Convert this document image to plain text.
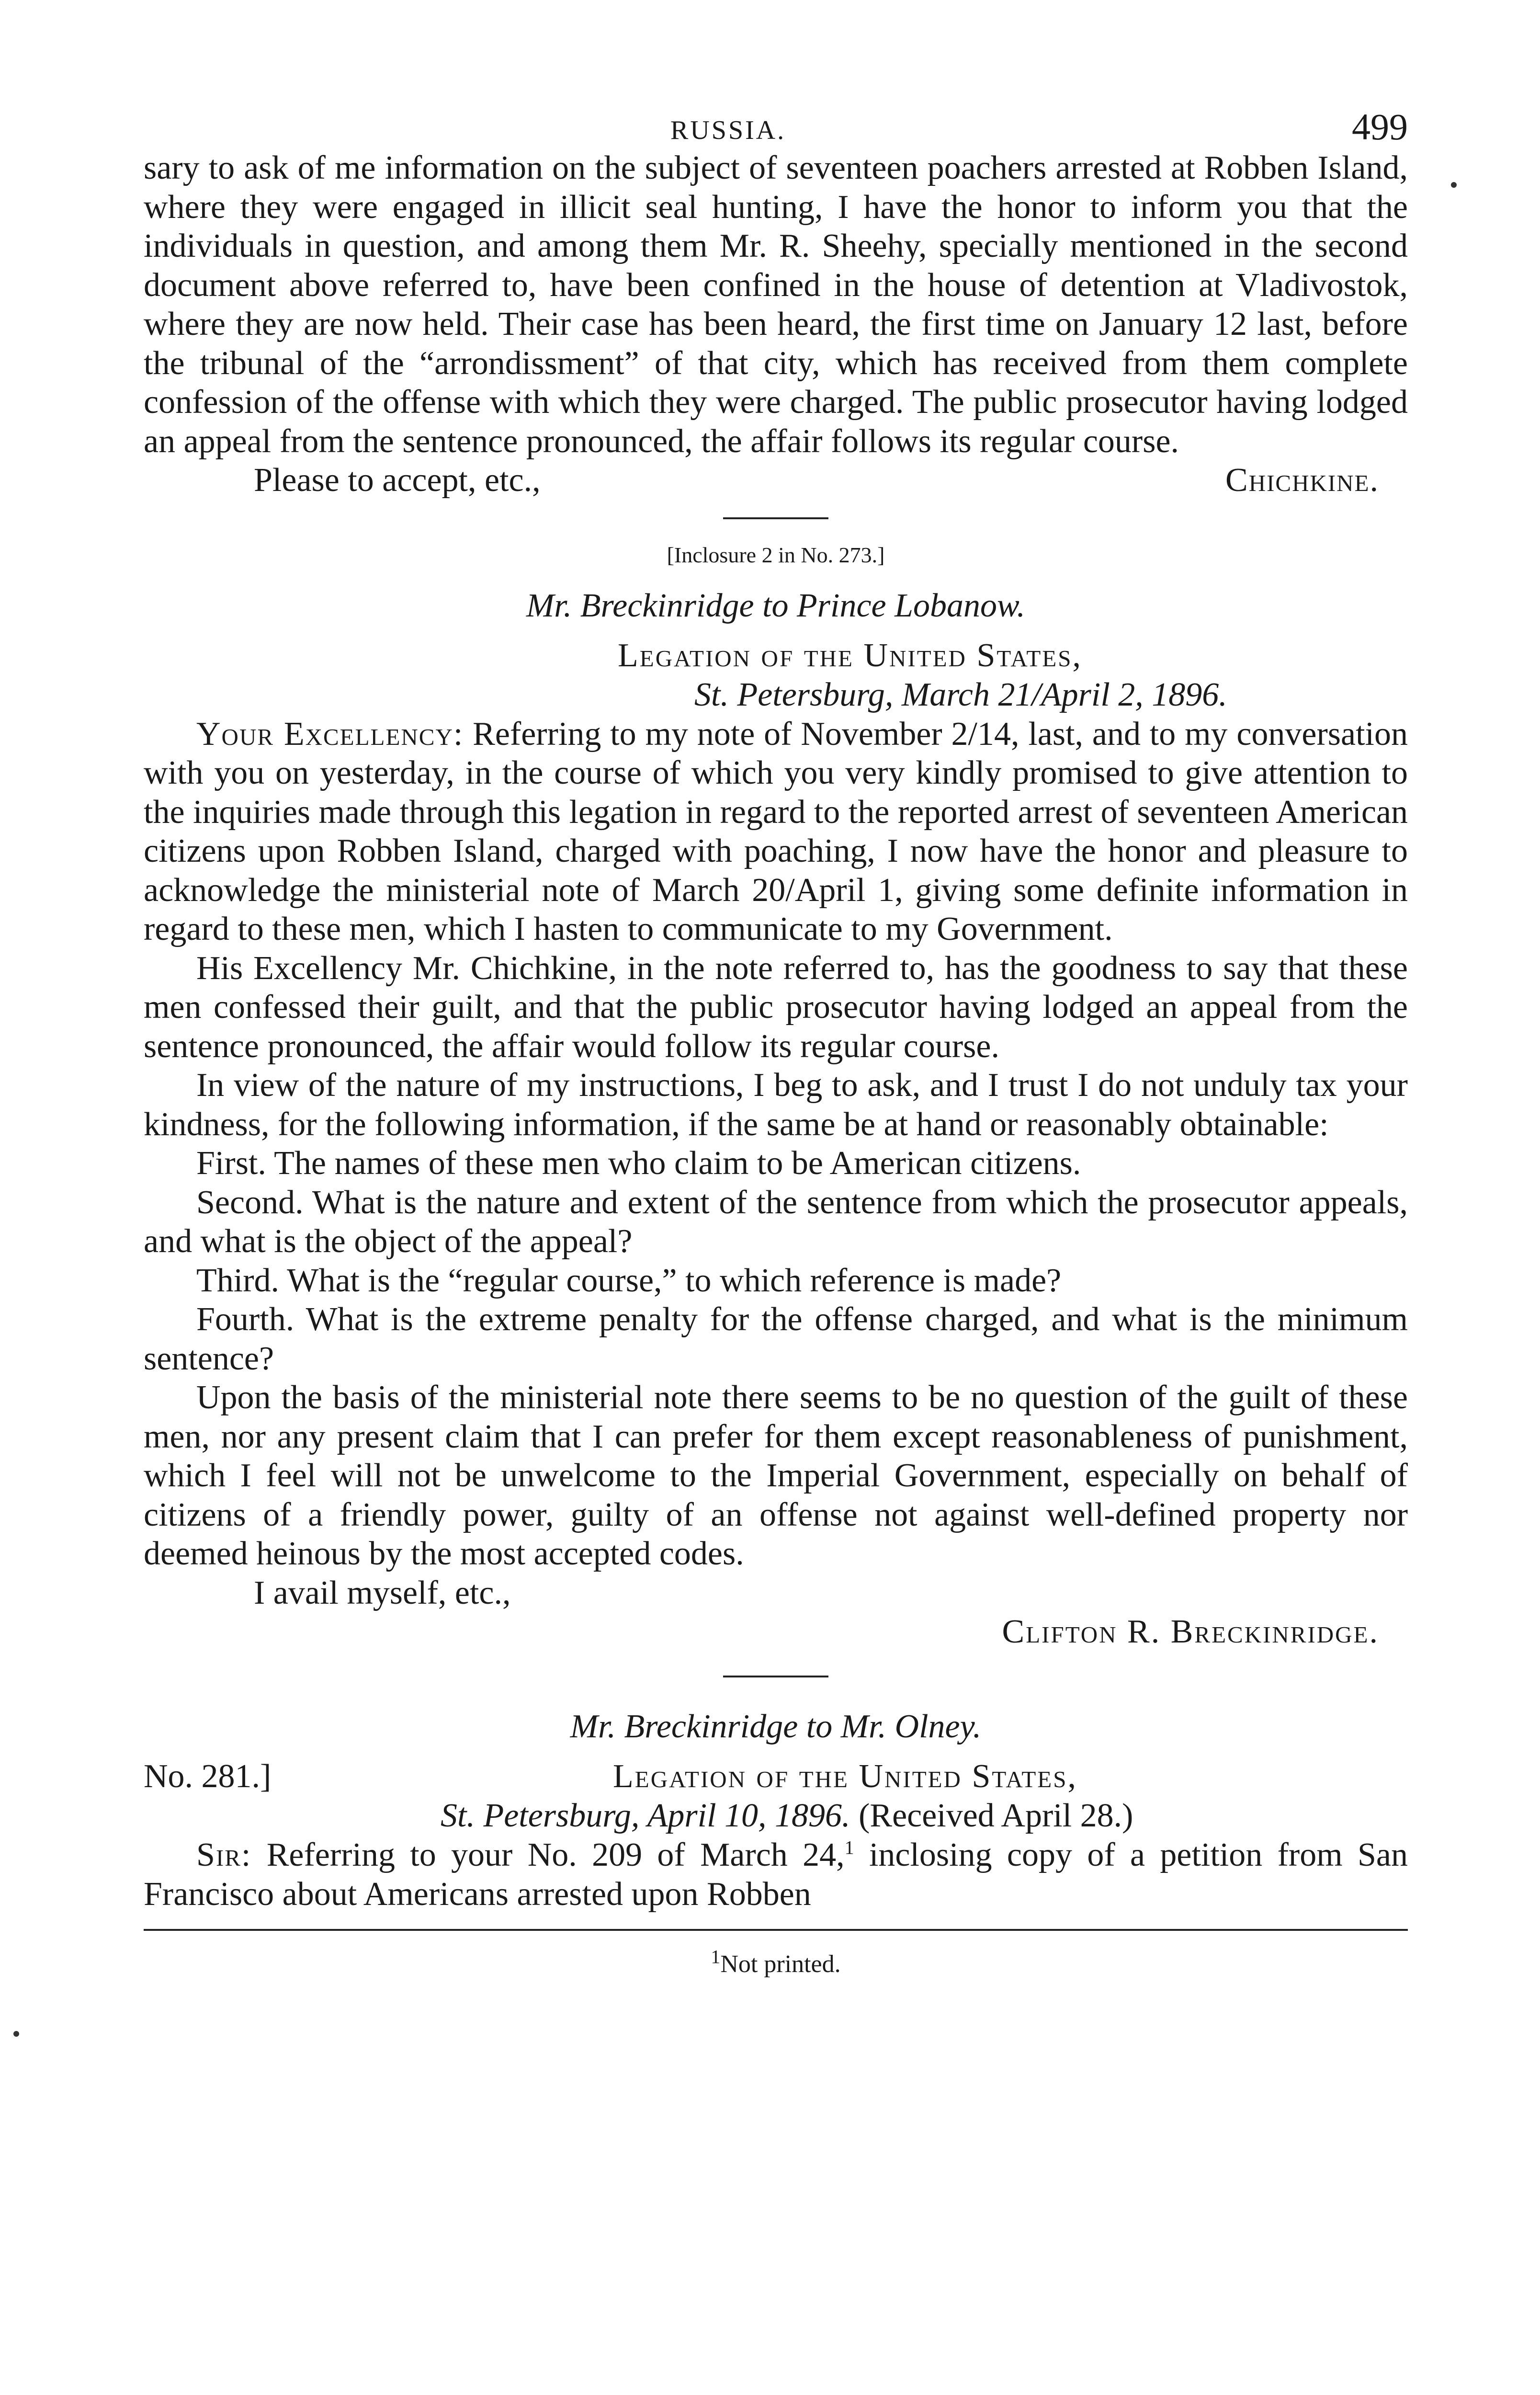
RUSSIA.	499

sary to ask of me information on the subject of seventeen poachers arrested at Robben Island, where they were engaged in illicit seal hunting, I have the honor to inform you that the individuals in question, and among them Mr. R. Sheehy, specially mentioned in the second document above referred to, have been confined in the house of detention at Vladivostok, where they are now held. Their case has been heard, the first time on January 12 last, before the tribunal of the “arrondissment” of that city, which has received from them complete confession of the offense with which they were charged. The public prosecutor having lodged an appeal from the sentence pronounced, the affair follows its regular course.

Please to accept, etc.,	Chichkine.
[Inclosure 2 in No. 273.]
Mr. Breckinridge to Prince Lobanow.
Legation of the United States,
St. Petersburg, March 21/April 2, 1896.

Your Excellency: Referring to my note of November 2/14, last, and to my conversation with you on yesterday, in the course of which you very kindly promised to give attention to the inquiries made through this legation in regard to the reported arrest of seventeen American citizens upon Robben Island, charged with poaching, I now have the honor and pleasure to acknowledge the ministerial note of March 20/April 1, giving some definite information in regard to these men, which I hasten to communicate to my Government.

His Excellency Mr. Chichkine, in the note referred to, has the goodness to say that these men confessed their guilt, and that the public prosecutor having lodged an appeal from the sentence pronounced, the affair would follow its regular course.

In view of the nature of my instructions, I beg to ask, and I trust I do not unduly tax your kindness, for the following information, if the same be at hand or reasonably obtainable:

First. The names of these men who claim to be American citizens.

Second. What is the nature and extent of the sentence from which the prosecutor appeals, and what is the object of the appeal?

Third. What is the “regular course,” to which reference is made?

Fourth. What is the extreme penalty for the offense charged, and what is the minimum sentence?

Upon the basis of the ministerial note there seems to be no question of the guilt of these men, nor any present claim that I can prefer for them except reasonableness of punishment, which I feel will not be unwelcome to the Imperial Government, especially on behalf of citizens of a friendly power, guilty of an offense not against well-defined property nor deemed heinous by the most accepted codes.

I avail myself, etc.,

Clifton R. Breckinridge.
Mr. Breckinridge to Mr. Olney.
No. 281.]	Legation of the United States,
St. Petersburg, April 10, 1896. (Received April 28.)

Sir: Referring to your No. 209 of March 24,$^1$ inclosing copy of a petition from San Francisco about Americans arrested upon Robben

$^1$Not printed.
